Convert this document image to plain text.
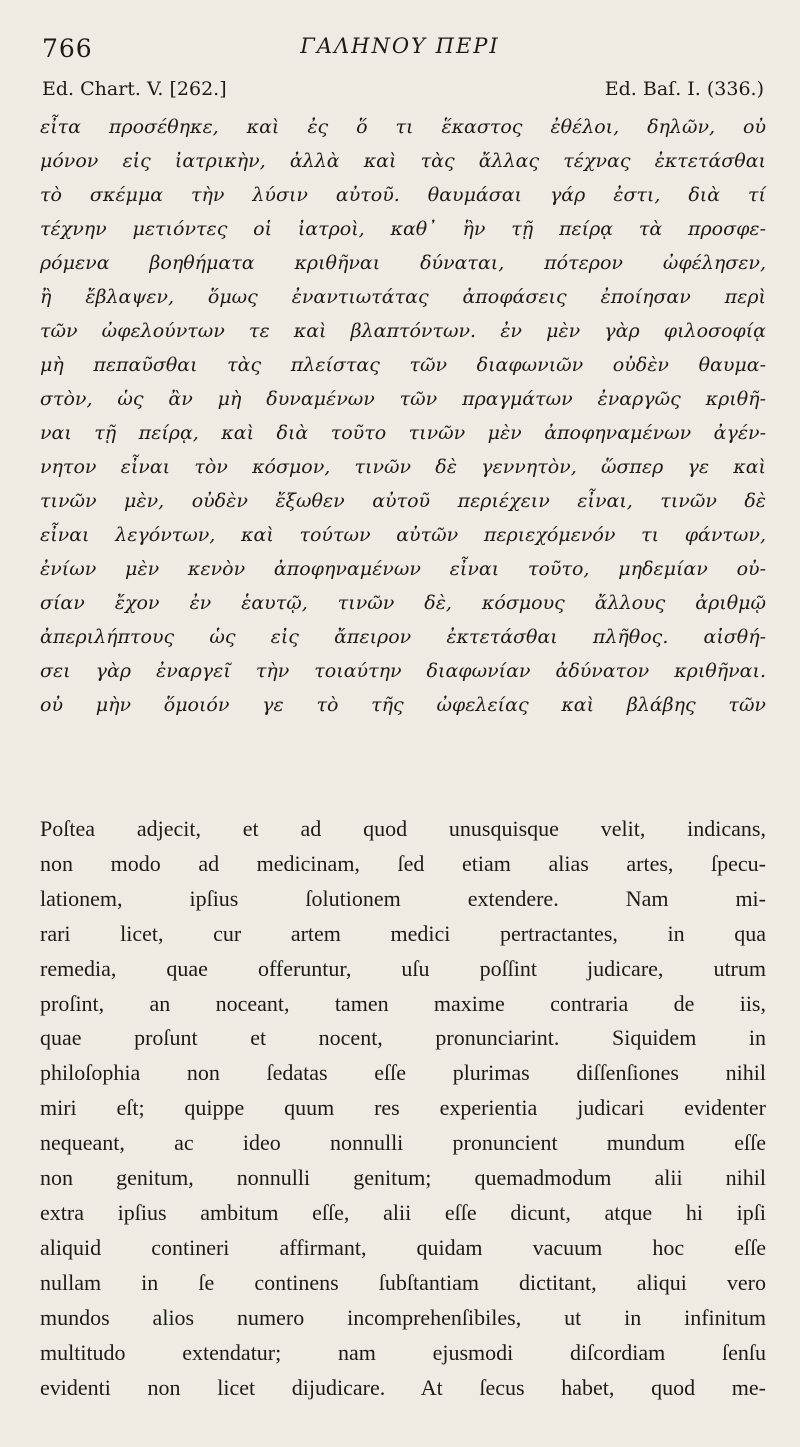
766	ΓΑΛΗΝΟΥ ΠΕΡΙ
Ed. Chart. V. [262.]	Ed. Baſ. I. (336.)
εἶτα προσέθηκε, καὶ ἐς ὅ τι ἕκαστος ἐθέλοι, δηλῶν, οὐ
μόνον εἰς ἰατρικὴν, ἀλλὰ καὶ τὰς ἄλλας τέχνας ἐκτετάσθαι
τὸ σκέμμα τὴν λύσιν αὐτοῦ. θαυμάσαι γάρ ἐστι, διὰ τί
τέχνην μετιόντες οἱ ἰατροὶ, καθ᾽ ἣν τῇ πείρᾳ τὰ προσφε-
ρόμενα βοηθήματα κριθῆναι δύναται, πότερον ὠφέλησεν,
ἢ ἔβλαψεν, ὅμως ἐναντιωτάτας ἀποφάσεις ἐποίησαν περὶ
τῶν ὠφελούντων τε καὶ βλαπτόντων. ἐν μὲν γὰρ φιλοσοφίᾳ
μὴ πεπαῦσθαι τὰς πλείστας τῶν διαφωνιῶν οὐδὲν θαυμα-
στὸν, ὡς ἂν μὴ δυναμένων τῶν πραγμάτων ἐναργῶς κριθῆ-
ναι τῇ πείρᾳ, καὶ διὰ τοῦτο τινῶν μὲν ἀποφηναμένων ἀγέν-
νητον εἶναι τὸν κόσμον, τινῶν δὲ γεννητὸν, ὥσπερ γε καὶ
τινῶν μὲν, οὐδὲν ἔξωθεν αὐτοῦ περιέχειν εἶναι, τινῶν δὲ
εἶναι λεγόντων, καὶ τούτων αὐτῶν περιεχόμενόν τι φάντων,
ἐνίων μὲν κενὸν ἀποφηναμένων εἶναι τοῦτο, μηδεμίαν οὐ-
σίαν ἔχον ἐν ἑαυτῷ, τινῶν δὲ, κόσμους ἄλλους ἀριθμῷ
ἀπεριλήπτους ὡς εἰς ἄπειρον ἐκτετάσθαι πλῆθος. αἰσθή-
σει γὰρ ἐναργεῖ τὴν τοιαύτην διαφωνίαν ἀδύνατον κριθῆναι.
οὐ μὴν ὅμοιόν γε τὸ τῆς ὠφελείας καὶ βλάβης τῶν
Poſtea adjecit, et ad quod unusquisque velit, indicans,
non modo ad medicinam, ſed etiam alias artes, ſpecu-
lationem, ipſius ſolutionem extendere. Nam mi-
rari licet, cur artem medici pertractantes, in qua
remedia, quae offeruntur, uſu poſſint judicare, utrum
proſint, an noceant, tamen maxime contraria de iis,
quae proſunt et nocent, pronunciarint. Siquidem in
philoſophia non ſedatas eſſe plurimas diſſenſiones nihil
miri eſt; quippe quum res experientia judicari evidenter
nequeant, ac ideo nonnulli pronuncient mundum eſſe
non genitum, nonnulli genitum; quemadmodum alii nihil
extra ipſius ambitum eſſe, alii eſſe dicunt, atque hi ipſi
aliquid contineri affirmant, quidam vacuum hoc eſſe
nullam in ſe continens ſubſtantiam dictitant, aliqui vero
mundos alios numero incomprehenſibiles, ut in infinitum
multitudo extendatur; nam ejusmodi diſcordiam ſenſu
evidenti non licet dijudicare. At ſecus habet, quod me-
